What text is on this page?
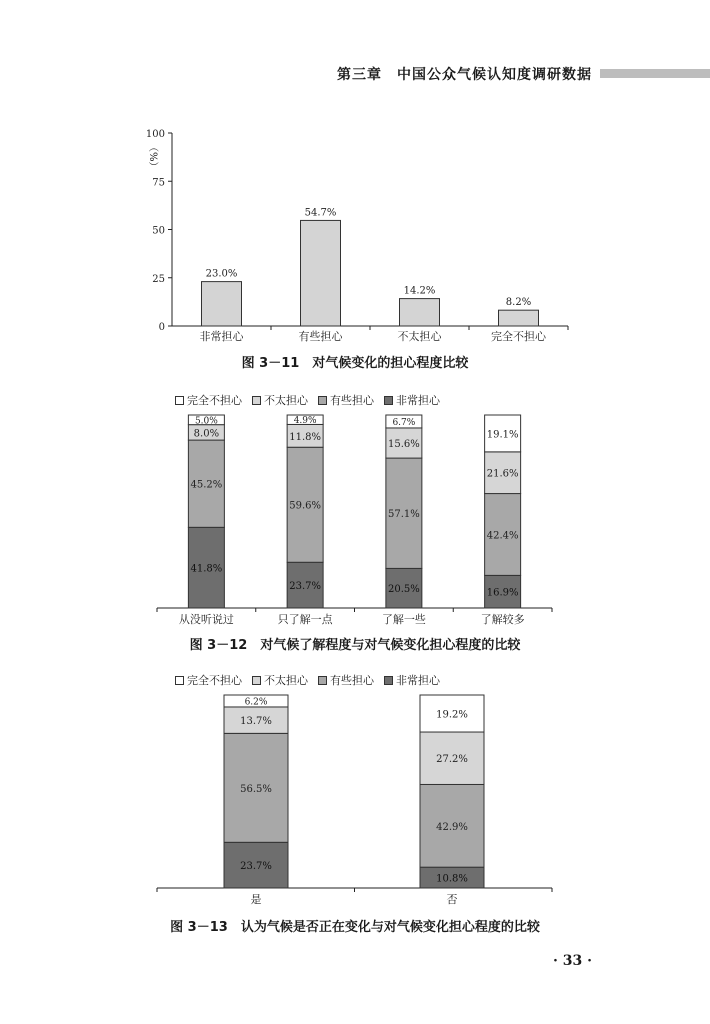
第三章　中国公众气候认知度调研数据
0
25
50
75
100
（%）
23.0%
非常担心
54.7%
有些担心
14.2%
不太担心
8.2%
完全不担心
图 3－11　对气候变化的担心程度比较
完全不担心 不太担心 有些担心 非常担心
41.8%
45.2%
8.0%
5.0%
从没听说过
23.7%
59.6%
11.8%
4.9%
只了解一点
20.5%
57.1%
15.6%
6.7%
了解一些
16.9%
42.4%
21.6%
19.1%
了解较多
图 3－12　对气候了解程度与对气候变化担心程度的比较
完全不担心 不太担心 有些担心 非常担心
23.7%
56.5%
13.7%
6.2%
是
10.8%
42.9%
27.2%
19.2%
否
图 3－13　认为气候是否正在变化与对气候变化担心程度的比较
· 33 ·
